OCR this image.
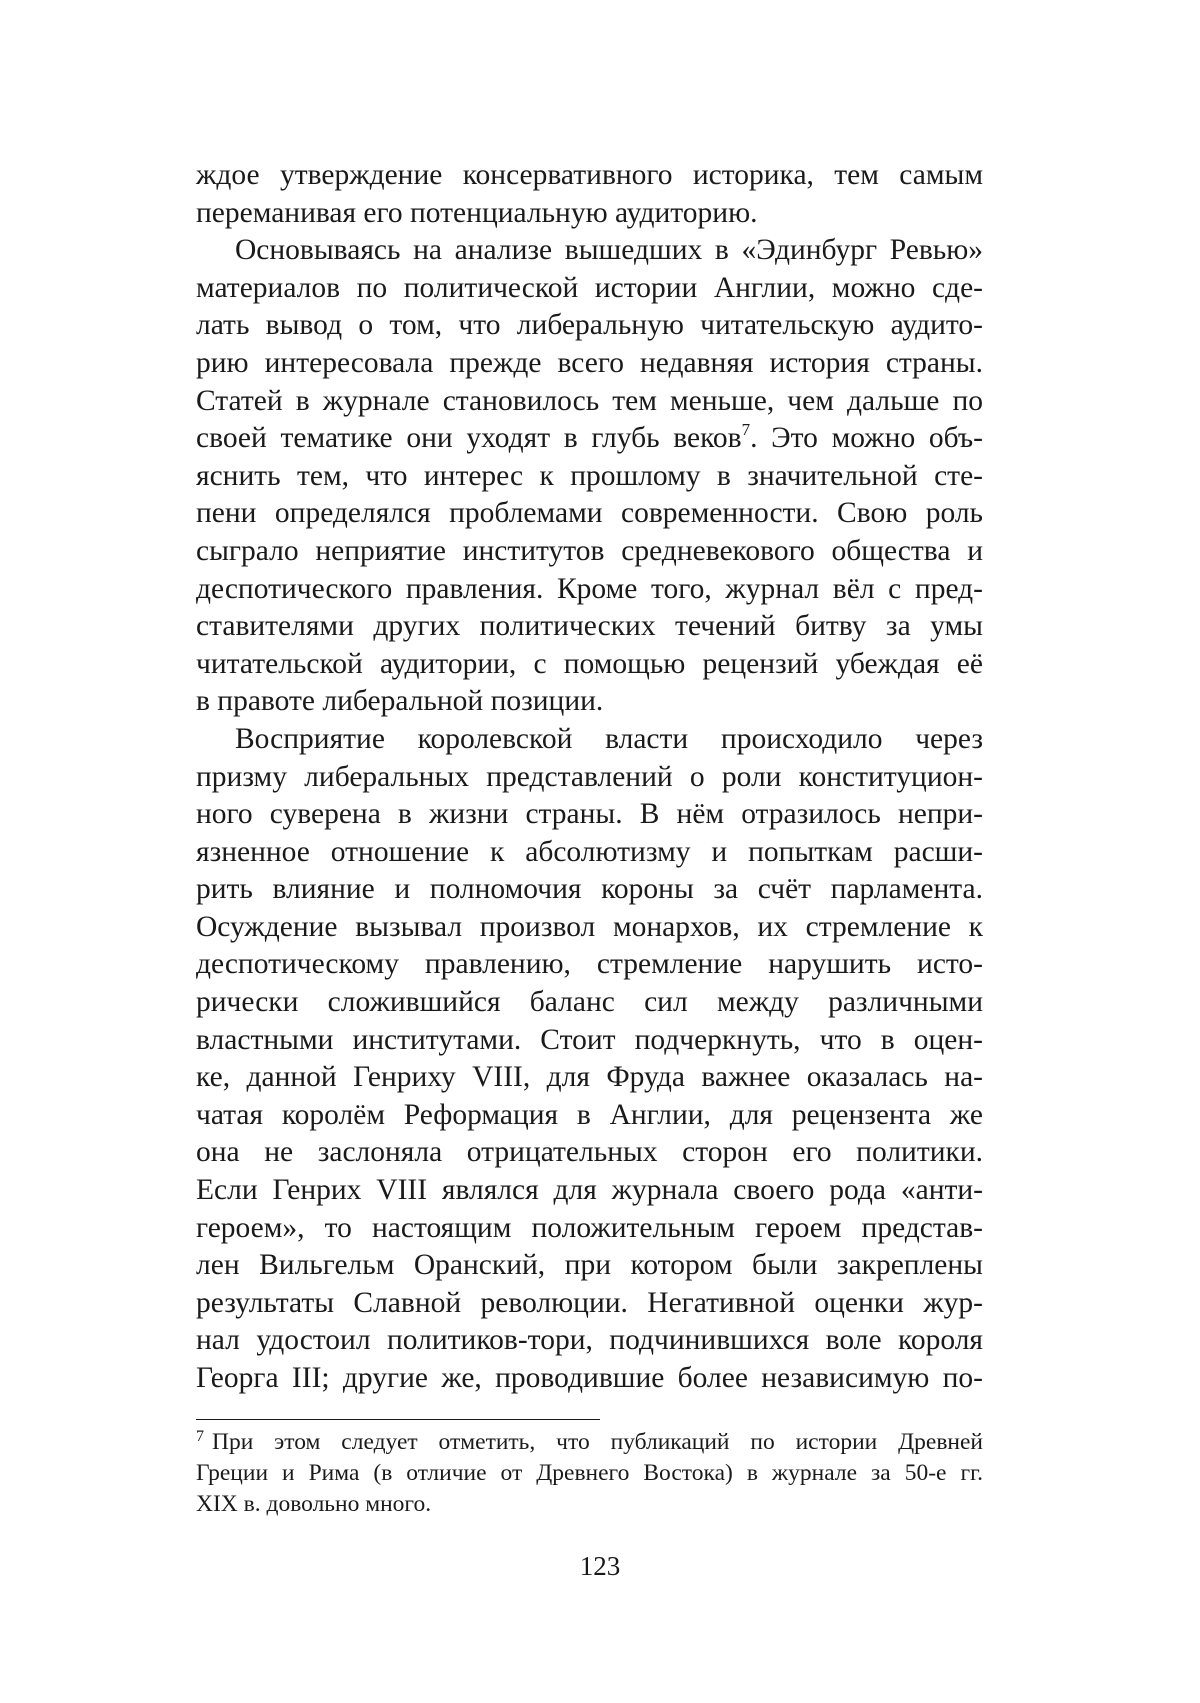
ждое утверждение консервативного историка, тем самым
переманивая его потенциальную аудиторию.
Основываясь на анализе вышедших в «Эдинбург Ревью»
материалов по политической истории Англии, можно сде-
лать вывод о том, что либеральную читательскую аудито-
рию интересовала прежде всего недавняя история страны.
Статей в журнале становилось тем меньше, чем дальше по
своей тематике они уходят в глубь веков$^7$. Это можно объ-
яснить тем, что интерес к прошлому в значительной сте-
пени определялся проблемами современности. Свою роль
сыграло неприятие институтов средневекового общества и
деспотического правления. Кроме того, журнал вёл с пред-
ставителями других политических течений битву за умы
читательской аудитории, с помощью рецензий убеждая её
в правоте либеральной позиции.
Восприятие королевской власти происходило через
призму либеральных представлений о роли конституцион-
ного суверена в жизни страны. В нём отразилось непри-
язненное отношение к абсолютизму и попыткам расши-
рить влияние и полномочия короны за счёт парламента.
Осуждение вызывал произвол монархов, их стремление к
деспотическому правлению, стремление нарушить исто-
рически сложившийся баланс сил между различными
властными институтами. Стоит подчеркнуть, что в оцен-
ке, данной Генриху VIII, для Фруда важнее оказалась на-
чатая королём Реформация в Англии, для рецензента же
она не заслоняла отрицательных сторон его политики.
Если Генрих VIII являлся для журнала своего рода «анти-
героем», то настоящим положительным героем представ-
лен Вильгельм Оранский, при котором были закреплены
результаты Славной революции. Негативной оценки жур-
нал удостоил политиков-тори, подчинившихся воле короля
Георга III; другие же, проводившие более независимую по-
$^7$ При этом следует отметить, что публикаций по истории Древней
Греции и Рима (в отличие от Древнего Востока) в журнале за 50-е гг.
XIX в. довольно много.
123
